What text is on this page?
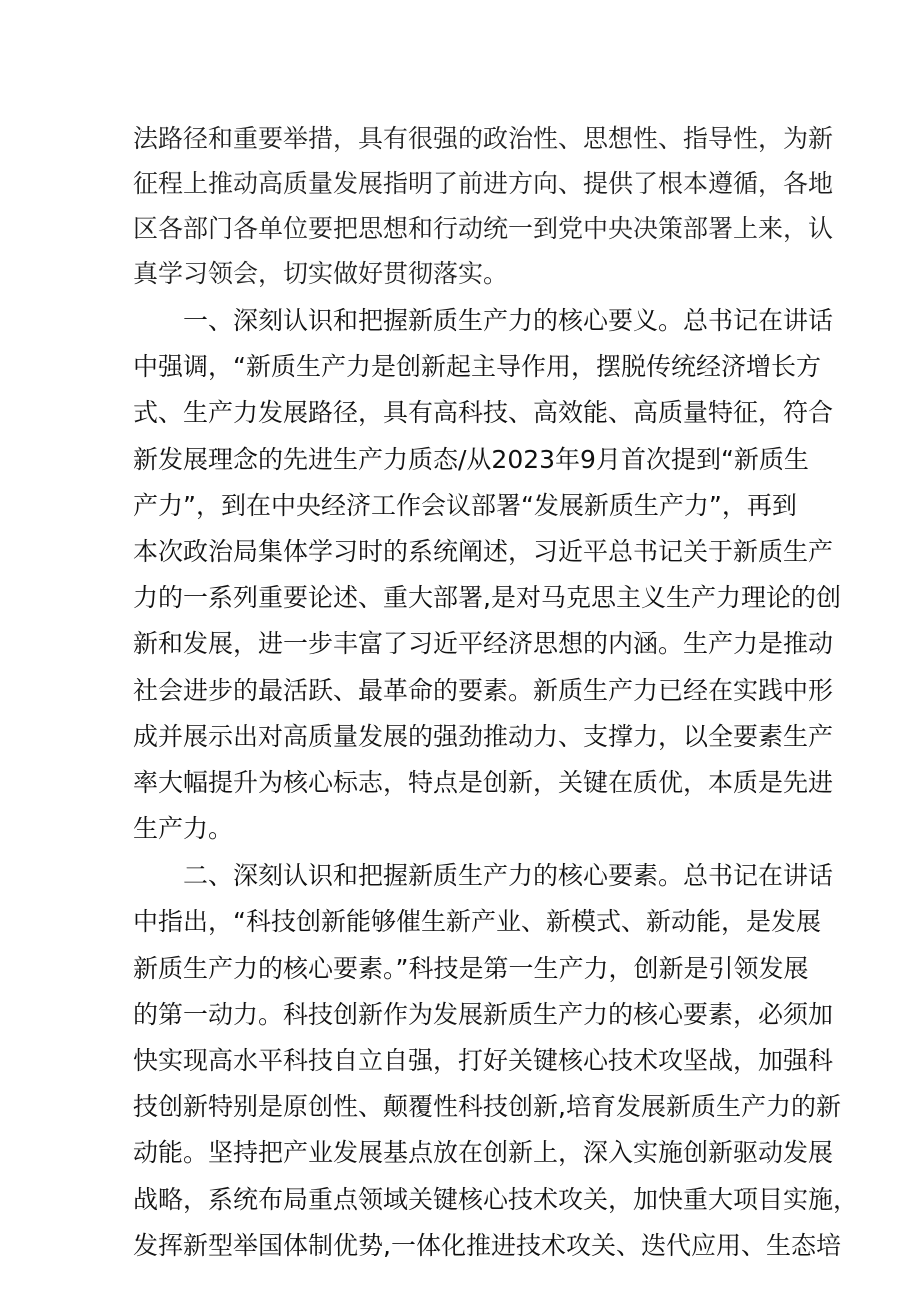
法路径和重要举措，具有很强的政治性、思想性、指导性，为新
征程上推动高质量发展指明了前进方向、提供了根本遵循，各地
区各部门各单位要把思想和行动统一到党中央决策部署上来，认
真学习领会，切实做好贯彻落实。
一、深刻认识和把握新质生产力的核心要义。总书记在讲话
中强调，“新质生产力是创新起主导作用，摆脱传统经济增长方
式、生产力发展路径，具有高科技、高效能、高质量特征，符合
新发展理念的先进生产力质态/从2023年9月首次提到“新质生
产力”，到在中央经济工作会议部署“发展新质生产力”，再到
本次政治局集体学习时的系统阐述，习近平总书记关于新质生产
力的一系列重要论述、重大部署,是对马克思主义生产力理论的创
新和发展，进一步丰富了习近平经济思想的内涵。生产力是推动
社会进步的最活跃、最革命的要素。新质生产力已经在实践中形
成并展示出对高质量发展的强劲推动力、支撑力，以全要素生产
率大幅提升为核心标志，特点是创新，关键在质优，本质是先进
生产力。
二、深刻认识和把握新质生产力的核心要素。总书记在讲话
中指出，“科技创新能够催生新产业、新模式、新动能，是发展
新质生产力的核心要素。”科技是第一生产力，创新是引领发展
的第一动力。科技创新作为发展新质生产力的核心要素，必须加
快实现高水平科技自立自强，打好关键核心技术攻坚战，加强科
技创新特别是原创性、颠覆性科技创新,培育发展新质生产力的新
动能。坚持把产业发展基点放在创新上，深入实施创新驱动发展
战略，系统布局重点领域关键核心技术攻关，加快重大项目实施，
发挥新型举国体制优势,一体化推进技术攻关、迭代应用、生态培
